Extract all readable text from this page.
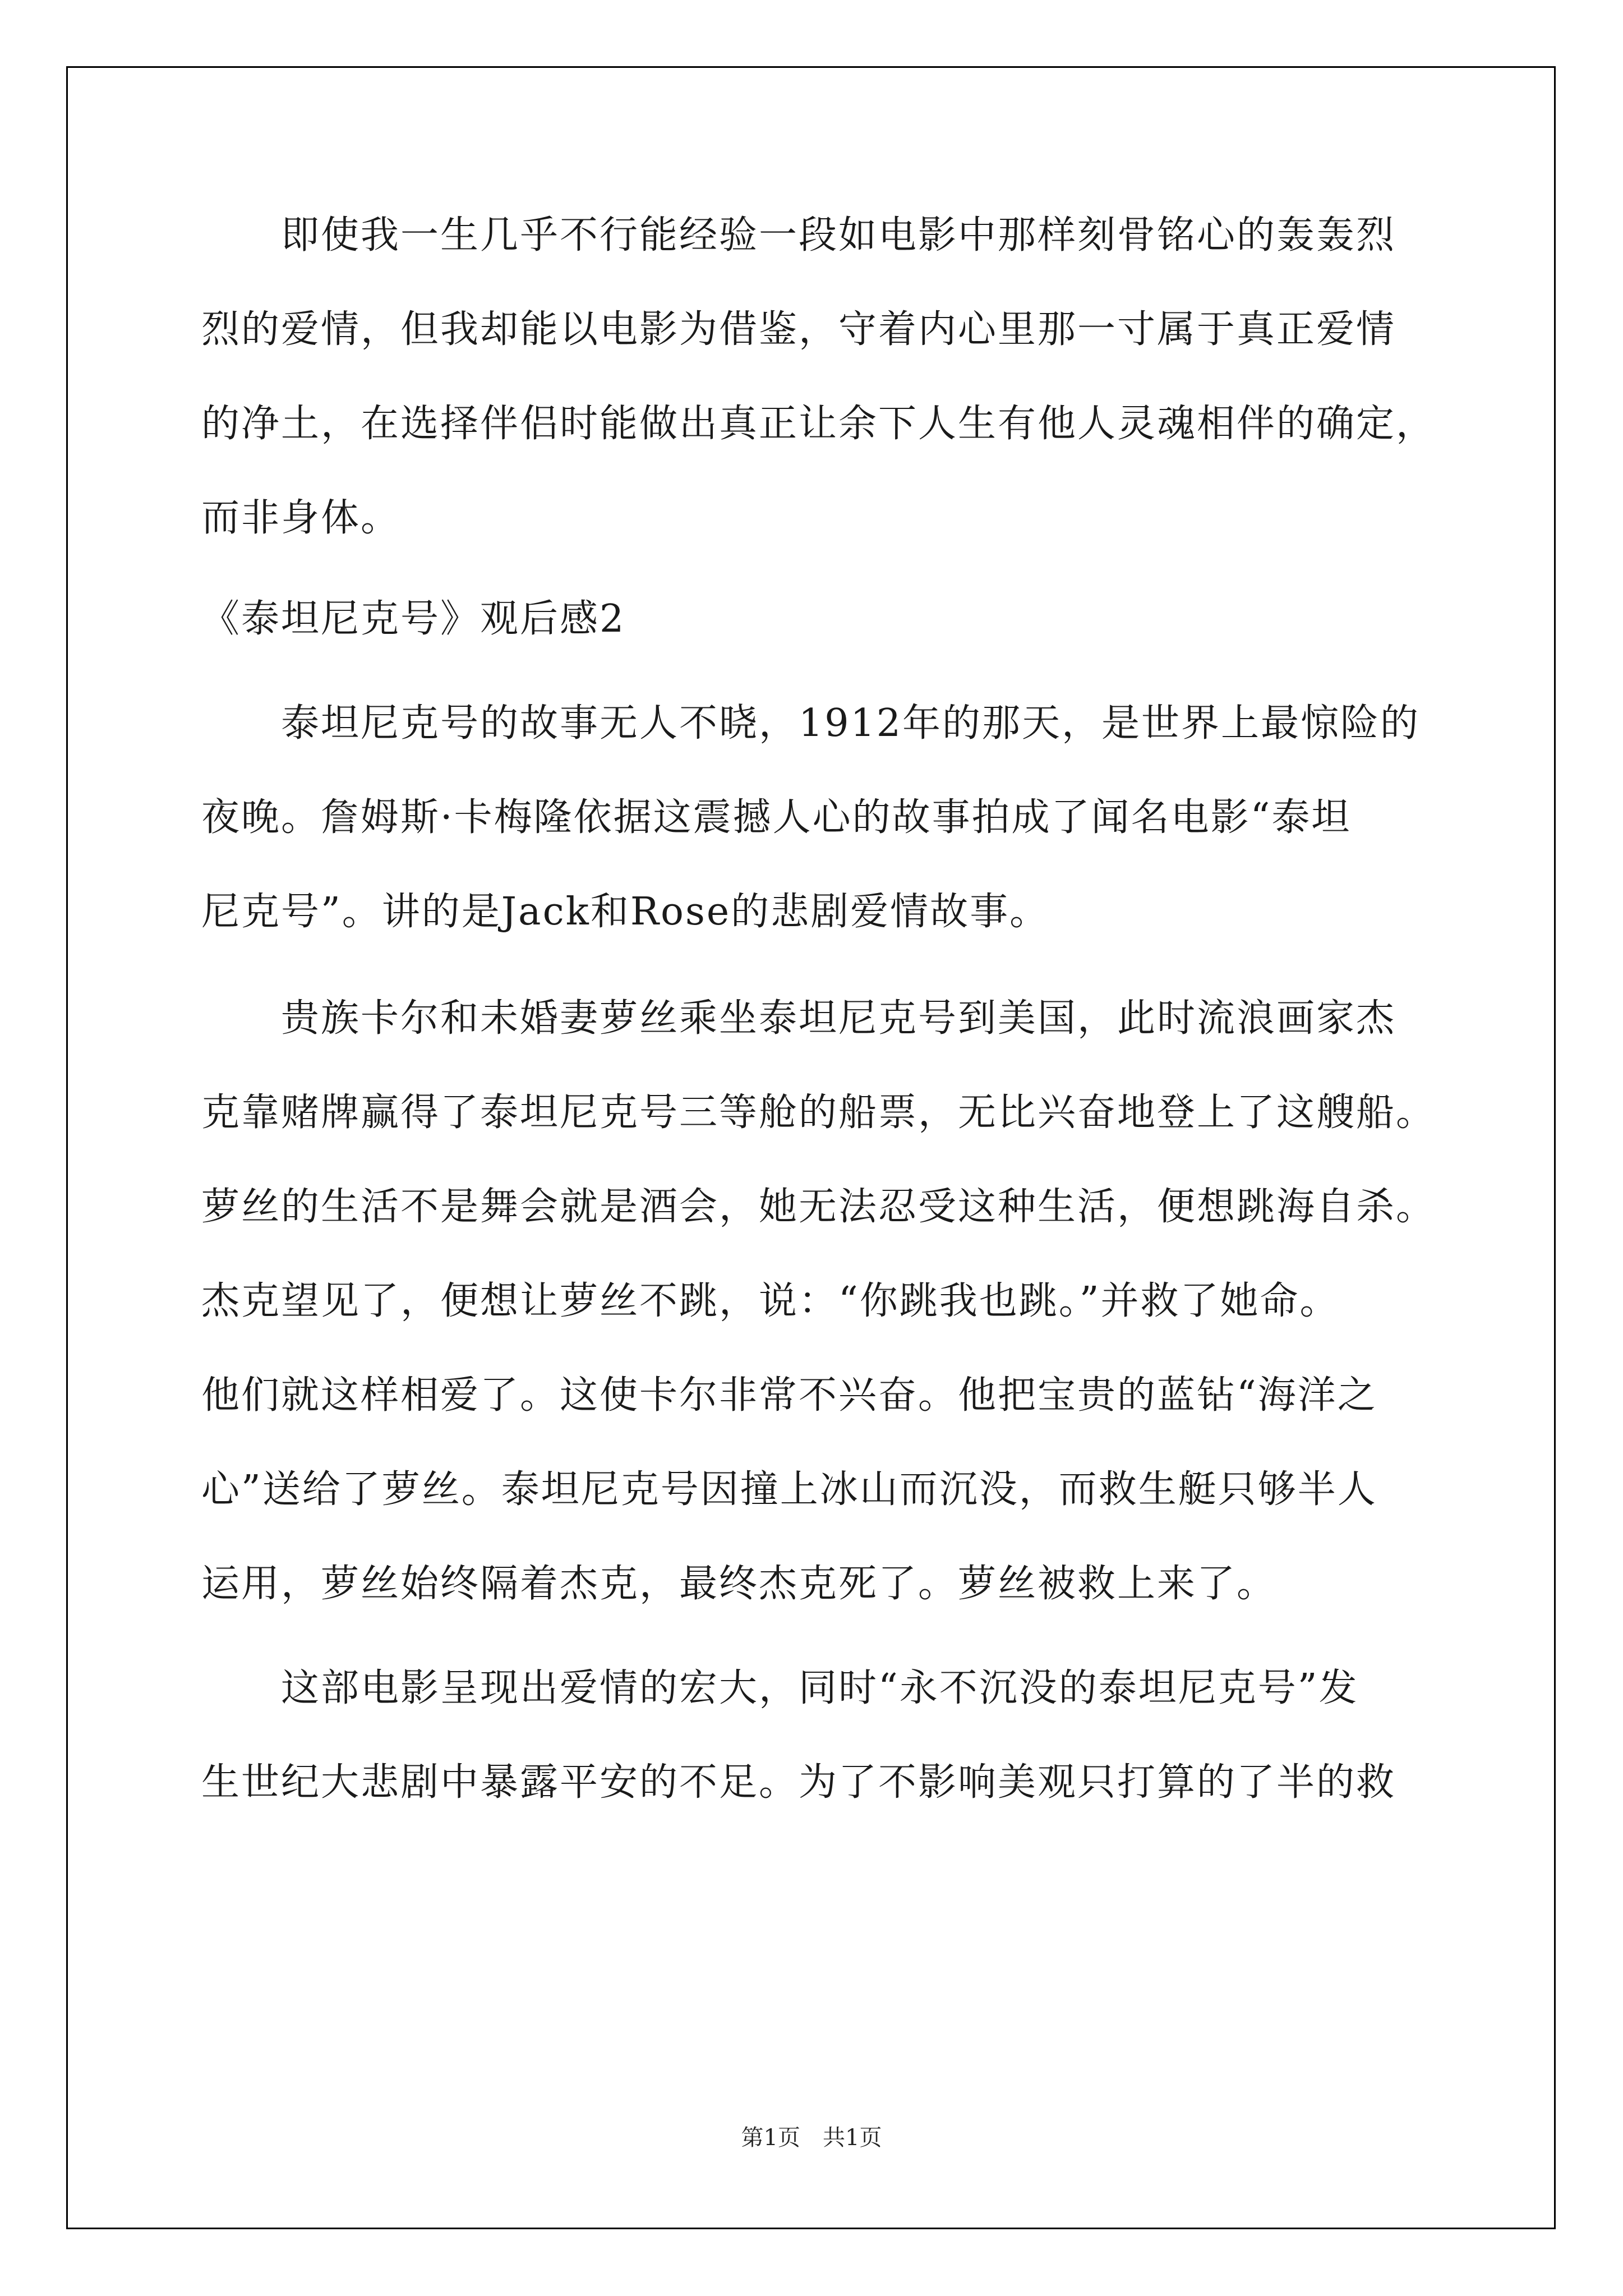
　　即使我一生几乎不行能经验一段如电影中那样刻骨铭心的轰轰烈
烈的爱情，但我却能以电影为借鉴，守着内心里那一寸属于真正爱情
的净土，在选择伴侣时能做出真正让余下人生有他人灵魂相伴的确定，
而非身体。
《泰坦尼克号》观后感2
　　泰坦尼克号的故事无人不晓，1912年的那天，是世界上最惊险的
夜晚。詹姆斯·卡梅隆依据这震撼人心的故事拍成了闻名电影“泰坦
尼克号”。讲的是Jack和Rose的悲剧爱情故事。
　　贵族卡尔和未婚妻萝丝乘坐泰坦尼克号到美国，此时流浪画家杰
克靠赌牌赢得了泰坦尼克号三等舱的船票，无比兴奋地登上了这艘船。
萝丝的生活不是舞会就是酒会，她无法忍受这种生活，便想跳海自杀。
杰克望见了，便想让萝丝不跳，说：“你跳我也跳。”并救了她命。
他们就这样相爱了。这使卡尔非常不兴奋。他把宝贵的蓝钻“海洋之
心”送给了萝丝。泰坦尼克号因撞上冰山而沉没，而救生艇只够半人
运用，萝丝始终隔着杰克，最终杰克死了。萝丝被救上来了。
　　这部电影呈现出爱情的宏大，同时“永不沉没的泰坦尼克号”发
生世纪大悲剧中暴露平安的不足。为了不影响美观只打算的了半的救
第1页　共1页
